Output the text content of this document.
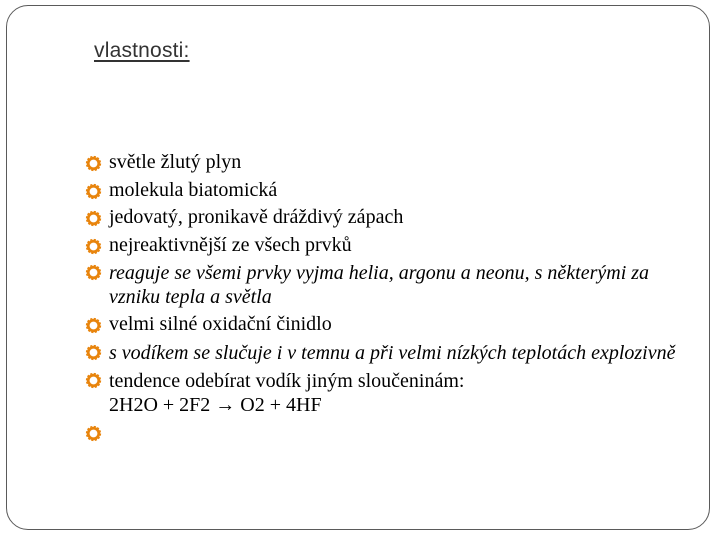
vlastnosti:
světle žlutý plyn
molekula biatomická
jedovatý, pronikavě dráždivý zápach
nejreaktivnější ze všech prvků
reaguje se všemi prvky vyjma helia, argonu a neonu, s některými za vzniku tepla a světla
velmi silné oxidační činidlo
s vodíkem se slučuje i v temnu a při velmi nízkých teplotách explozivně
tendence odebírat vodík jiným sloučeninám:
2H2O + 2F2 → O2 + 4HF
